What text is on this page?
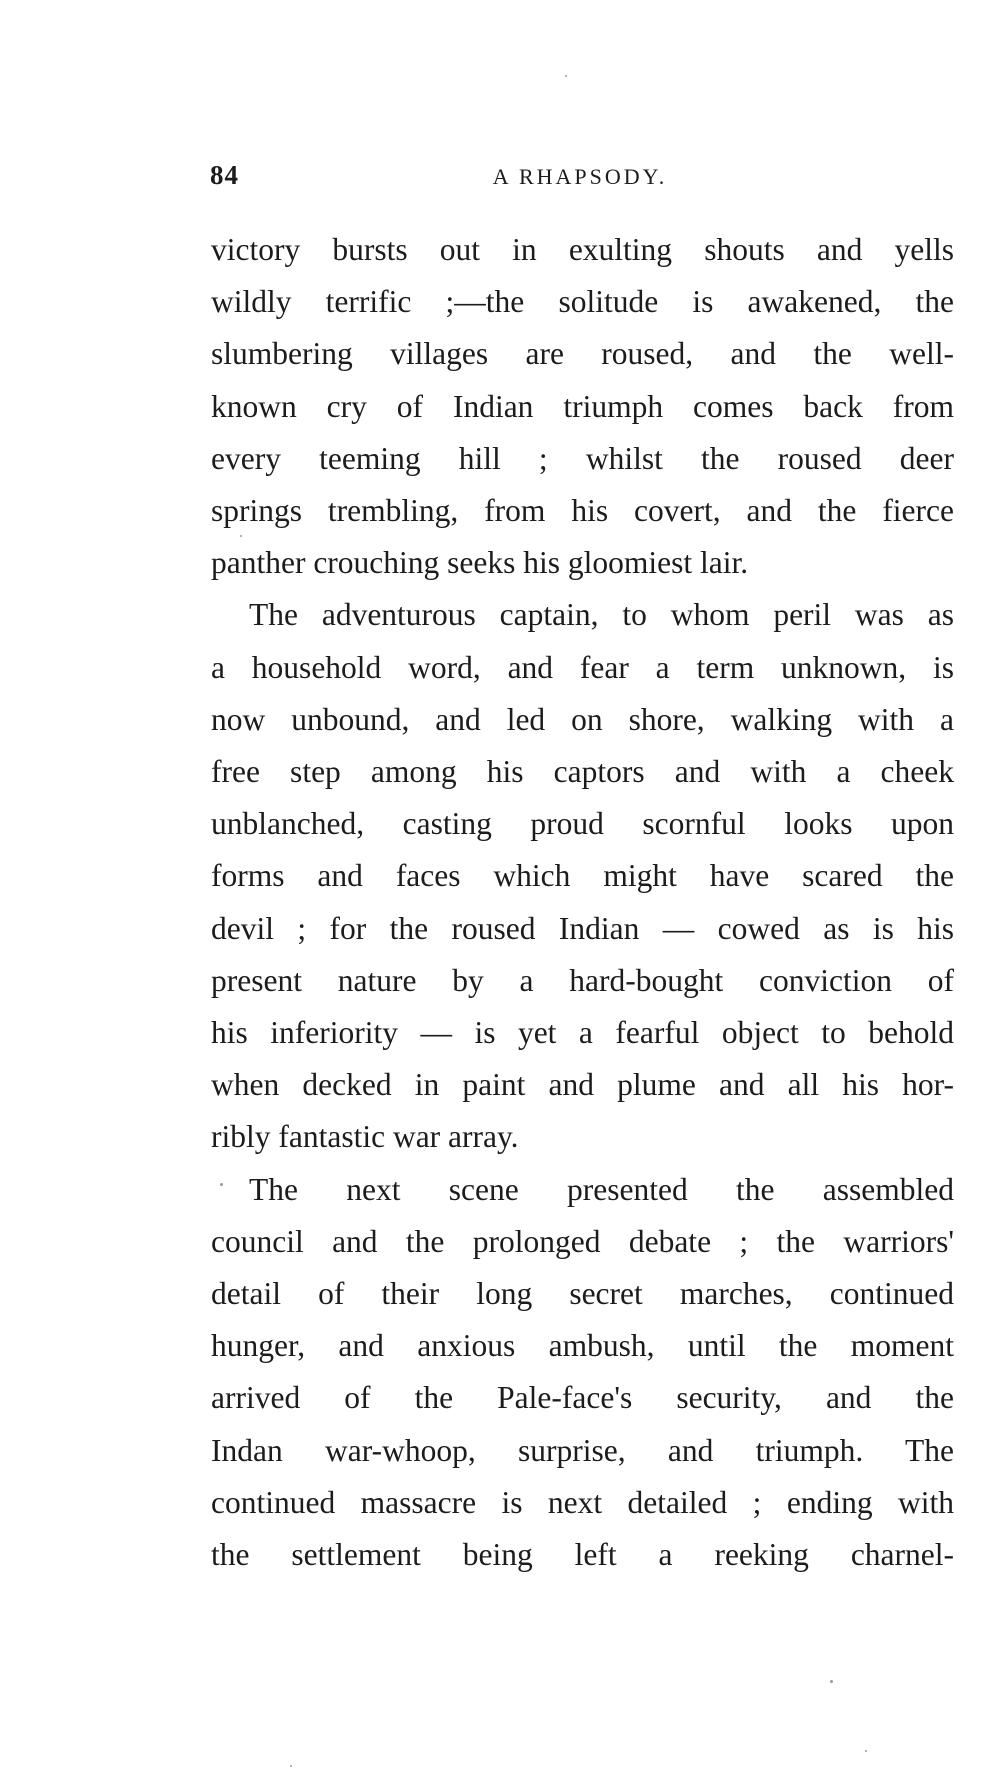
84	A RHAPSODY.

victory bursts out in exulting shouts and yells
wildly terrific ;—the solitude is awakened, the
slumbering villages are roused, and the well-
known cry of Indian triumph comes back from
every teeming hill ; whilst the roused deer
springs trembling, from his covert, and the fierce
panther crouching seeks his gloomiest lair.

The adventurous captain, to whom peril was as
a household word, and fear a term unknown, is
now unbound, and led on shore, walking with a
free step among his captors and with a cheek
unblanched, casting proud scornful looks upon
forms and faces which might have scared the
devil ; for the roused Indian — cowed as is his
present nature by a hard-bought conviction of
his inferiority — is yet a fearful object to behold
when decked in paint and plume and all his hor-
ribly fantastic war array.

The next scene presented the assembled
council and the prolonged debate ; the warriors'
detail of their long secret marches, continued
hunger, and anxious ambush, until the moment
arrived of the Pale-face's security, and the
Indan war-whoop, surprise, and triumph. The
continued massacre is next detailed ; ending with
the settlement being left a reeking charnel-
